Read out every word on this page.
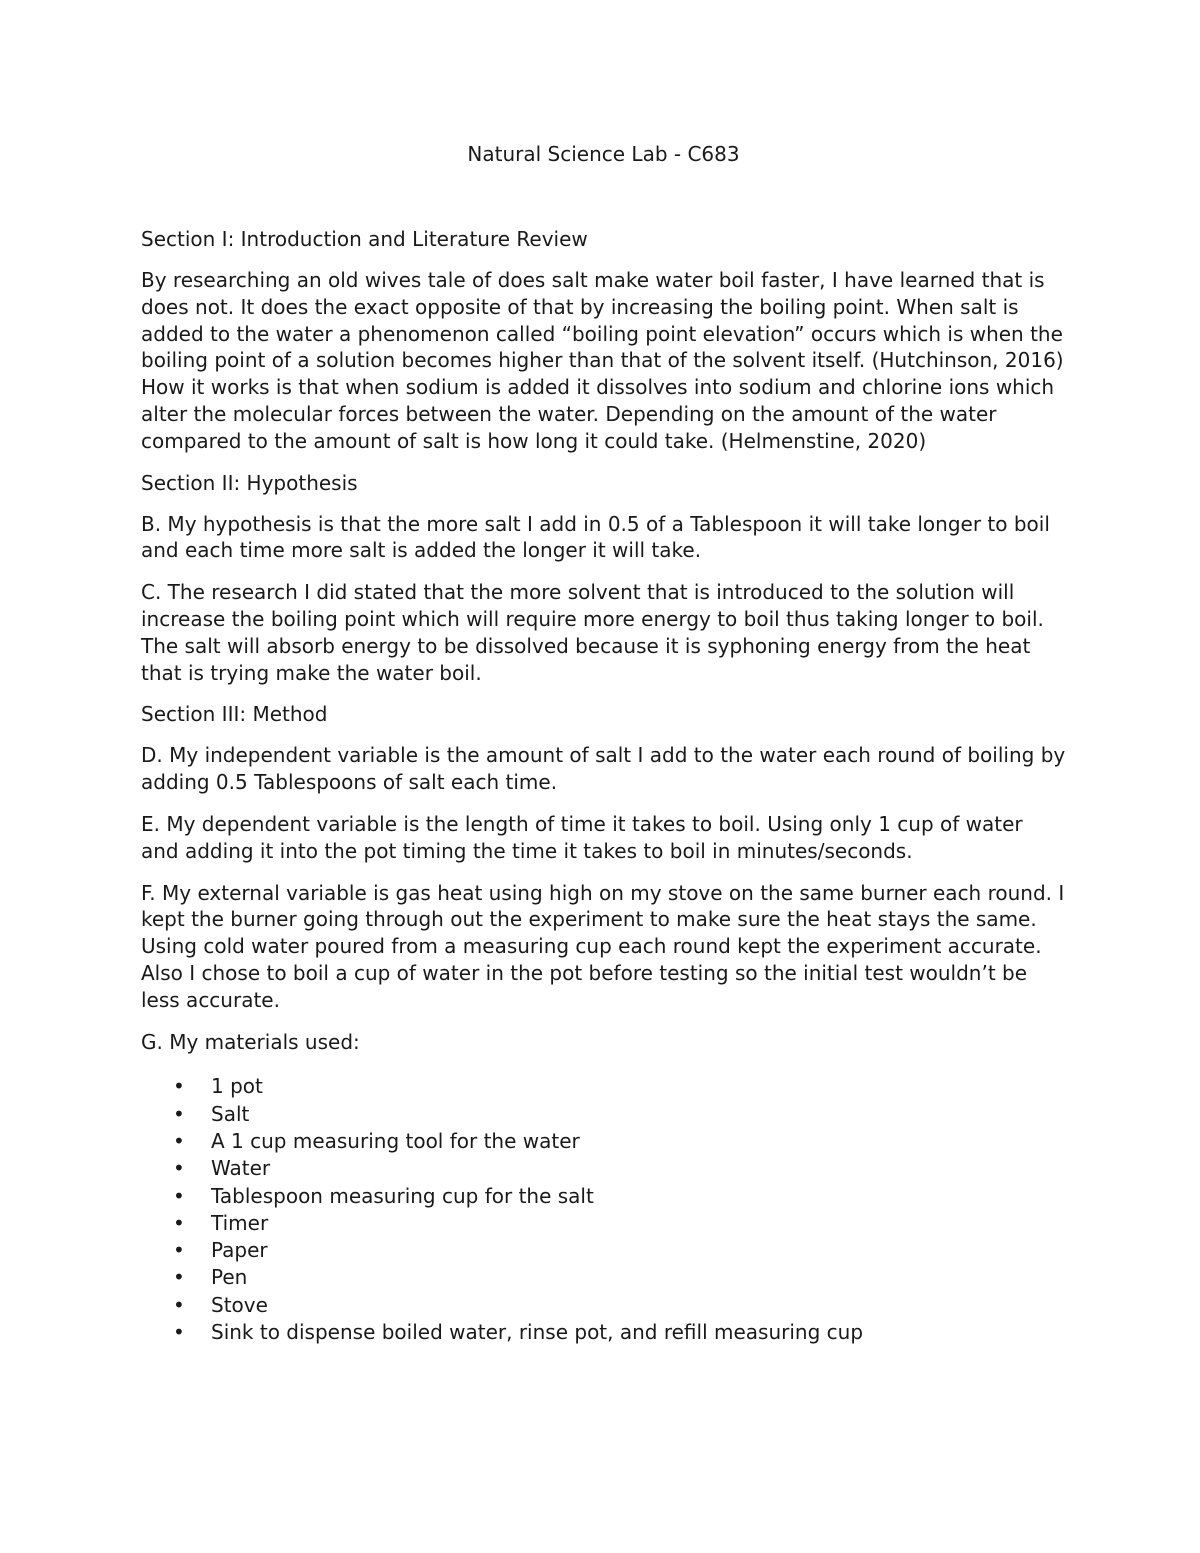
Natural Science Lab - C683
Section I: Introduction and Literature Review

By researching an old wives tale of does salt make water boil faster, I have learned that is does not. It does the exact opposite of that by increasing the boiling point. When salt is added to the water a phenomenon called “boiling point elevation” occurs which is when the boiling point of a solution becomes higher than that of the solvent itself. (Hutchinson, 2016) How it works is that when sodium is added it dissolves into sodium and chlorine ions which alter the molecular forces between the water. Depending on the amount of the water compared to the amount of salt is how long it could take. (Helmenstine, 2020)

Section II: Hypothesis

B. My hypothesis is that the more salt I add in 0.5 of a Tablespoon it will take longer to boil and each time more salt is added the longer it will take.

C. The research I did stated that the more solvent that is introduced to the solution will increase the boiling point which will require more energy to boil thus taking longer to boil. The salt will absorb energy to be dissolved because it is syphoning energy from the heat that is trying make the water boil.

Section III: Method

D. My independent variable is the amount of salt I add to the water each round of boiling by adding 0.5 Tablespoons of salt each time.

E. My dependent variable is the length of time it takes to boil. Using only 1 cup of water and adding it into the pot timing the time it takes to boil in minutes/seconds.

F. My external variable is gas heat using high on my stove on the same burner each round. I kept the burner going through out the experiment to make sure the heat stays the same. Using cold water poured from a measuring cup each round kept the experiment accurate. Also I chose to boil a cup of water in the pot before testing so the initial test wouldn’t be less accurate.

G. My materials used:

• 1 pot
• Salt
• A 1 cup measuring tool for the water
• Water
• Tablespoon measuring cup for the salt
• Timer
• Paper
• Pen
• Stove
• Sink to dispense boiled water, rinse pot, and refill measuring cup
